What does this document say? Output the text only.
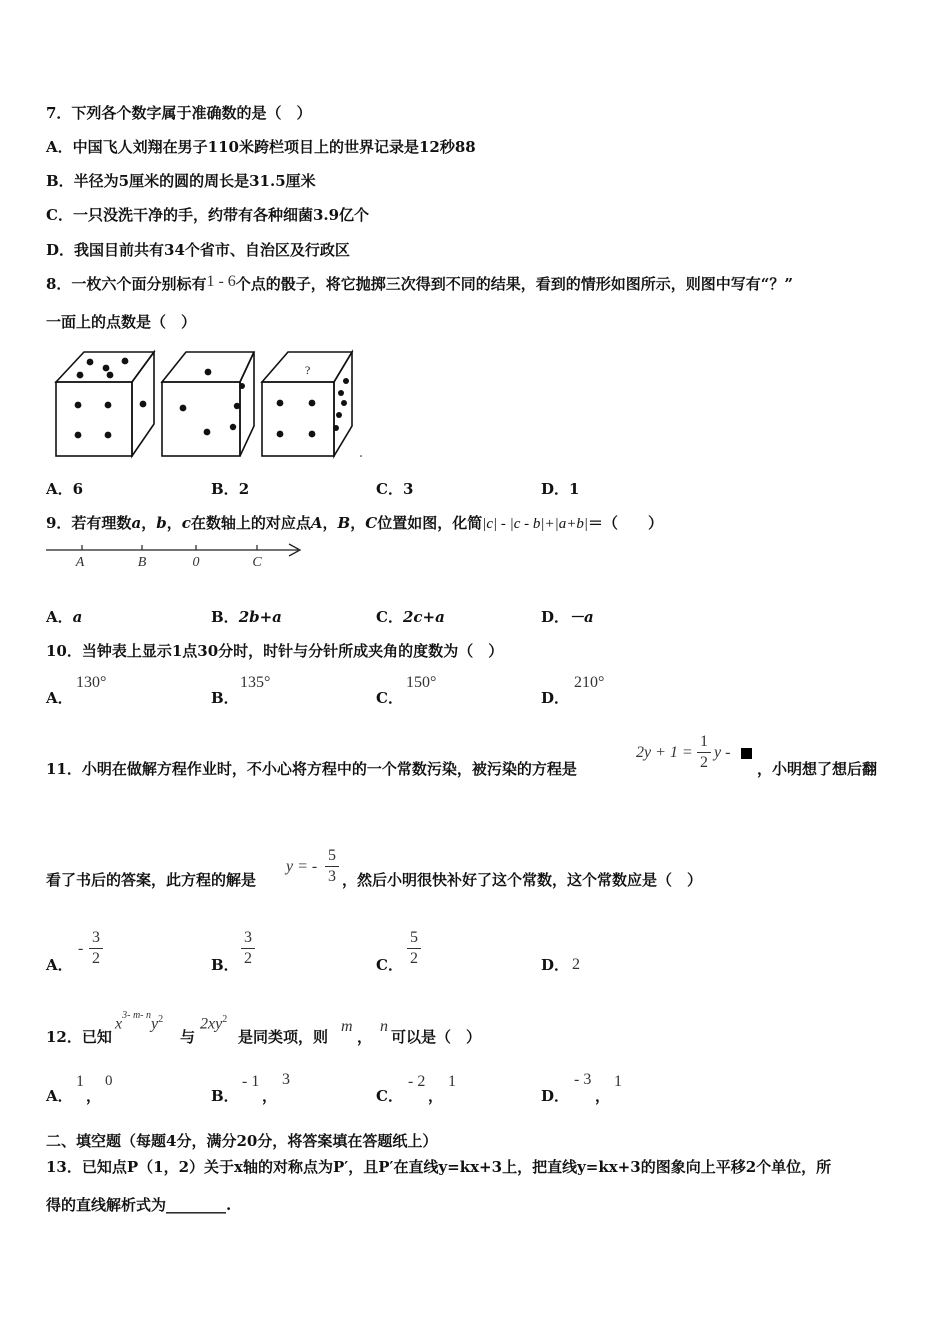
7．下列各个数字属于准确数的是（　）
A．中国飞人刘翔在男子110米跨栏项目上的世界记录是12秒88
B．半径为5厘米的圆的周长是31.5厘米
C．一只没洗干净的手，约带有各种细菌3.9亿个
D．我国目前共有34个省市、自治区及行政区
8．一枚六个面分别标有1 - 6个点的骰子，将它抛掷三次得到不同的结果，看到的情形如图所示，则图中写有“？”
一面上的点数是（　）
?
A．6	B．2	C．3	D．1
9．若有理数a，b，c在数轴上的对应点A，B，C位置如图，化简|c| - |c - b|+|a+b|＝（　　）
A	B	0	C
A．a	B．2b+a	C．2c+a	D．－a
10．当钟表上显示1点30分时，时针与分针所成夹角的度数为（　）
A．
130°
B．
135°
C．
150°
D．
210°
11．小明在做解方程作业时，不小心将方程中的一个常数污染，被污染的方程是
2y + 1 =
1
2
y -
，小明想了想后翻
看了书后的答案，此方程的解是
y = -
5
3 ，然后小明很快补好了这个常数，这个常数应是（　）
A．
-
3
2	B．
3
2	C．
5
2	D． 2
12．已知
$x^{3- m- n}y^2$
与
$2xy^2$
是同类项，则
m
，
n
可以是（　）
A．
1
，
0
B．
- 1
，
3
C．
- 2
，
1
D．
- 3
，
1
二、填空题（每题4分，满分20分，将答案填在答题纸上）
13．已知点P（1，2）关于x轴的对称点为P′，且P′在直线y=kx+3上，把直线y=kx+3的图象向上平移2个单位，所
得的直线解析式为________.
